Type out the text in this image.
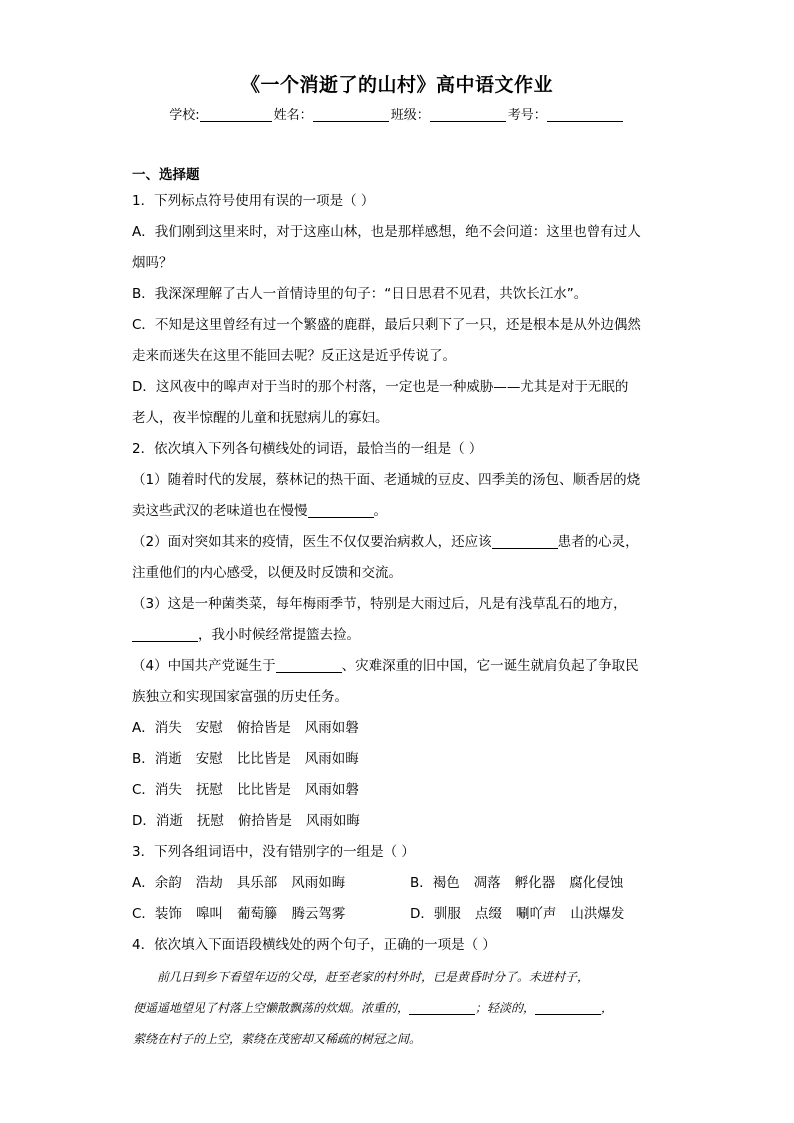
《一个消逝了的山村》高中语文作业
学校:	姓名：	班级：	考号：
一、选择题
1．下列标点符号使用有误的一项是（ ）
A．我们刚到这里来时，对于这座山林，也是那样感想，绝不会问道：这里也曾有过人
烟吗？
B．我深深理解了古人一首情诗里的句子：“日日思君不见君，共饮长江水”。
C．不知是这里曾经有过一个繁盛的鹿群，最后只剩下了一只，还是根本是从外边偶然
走来而迷失在这里不能回去呢？反正这是近乎传说了。
D．这风夜中的嗥声对于当时的那个村落，一定也是一种威胁——尤其是对于无眠的
老人，夜半惊醒的儿童和抚慰病儿的寡妇。
2．依次填入下列各句横线处的词语，最恰当的一组是（ ）
（1）随着时代的发展，蔡林记的热干面、老通城的豆皮、四季美的汤包、顺香居的烧
卖这些武汉的老味道也在慢慢	。
（2）面对突如其来的疫情，医生不仅仅要治病救人，还应该	患者的心灵，
注重他们的内心感受，以便及时反馈和交流。
（3）这是一种菌类菜，每年梅雨季节，特别是大雨过后，凡是有浅草乱石的地方，
，我小时候经常提篮去捡。
（4）中国共产党诞生于	、灾难深重的旧中国，它一诞生就肩负起了争取民
族独立和实现国家富强的历史任务。
A．消失 安慰 俯拾皆是 风雨如磐
B．消逝 安慰 比比皆是 风雨如晦
C．消失 抚慰 比比皆是 风雨如磐
D．消逝 抚慰 俯拾皆是 风雨如晦
3．下列各组词语中，没有错别字的一组是（ ）
A．余韵 浩劫 具乐部 风雨如晦	B．褐色 凋落 孵化器 腐化侵蚀
C．装饰 嗥叫 葡萄籐 腾云驾雾	D．驯服 点缀 唰吖声 山洪爆发
4．依次填入下面语段横线处的两个句子，正确的一项是（ ）
前几日到乡下看望年迈的父母，赶至老家的村外时，已是黄昏时分了。未进村子，
便遥遥地望见了村落上空懒散飘荡的炊烟。浓重的，	；轻淡的，	，
萦绕在村子的上空，萦绕在茂密却又稀疏的树冠之间。
